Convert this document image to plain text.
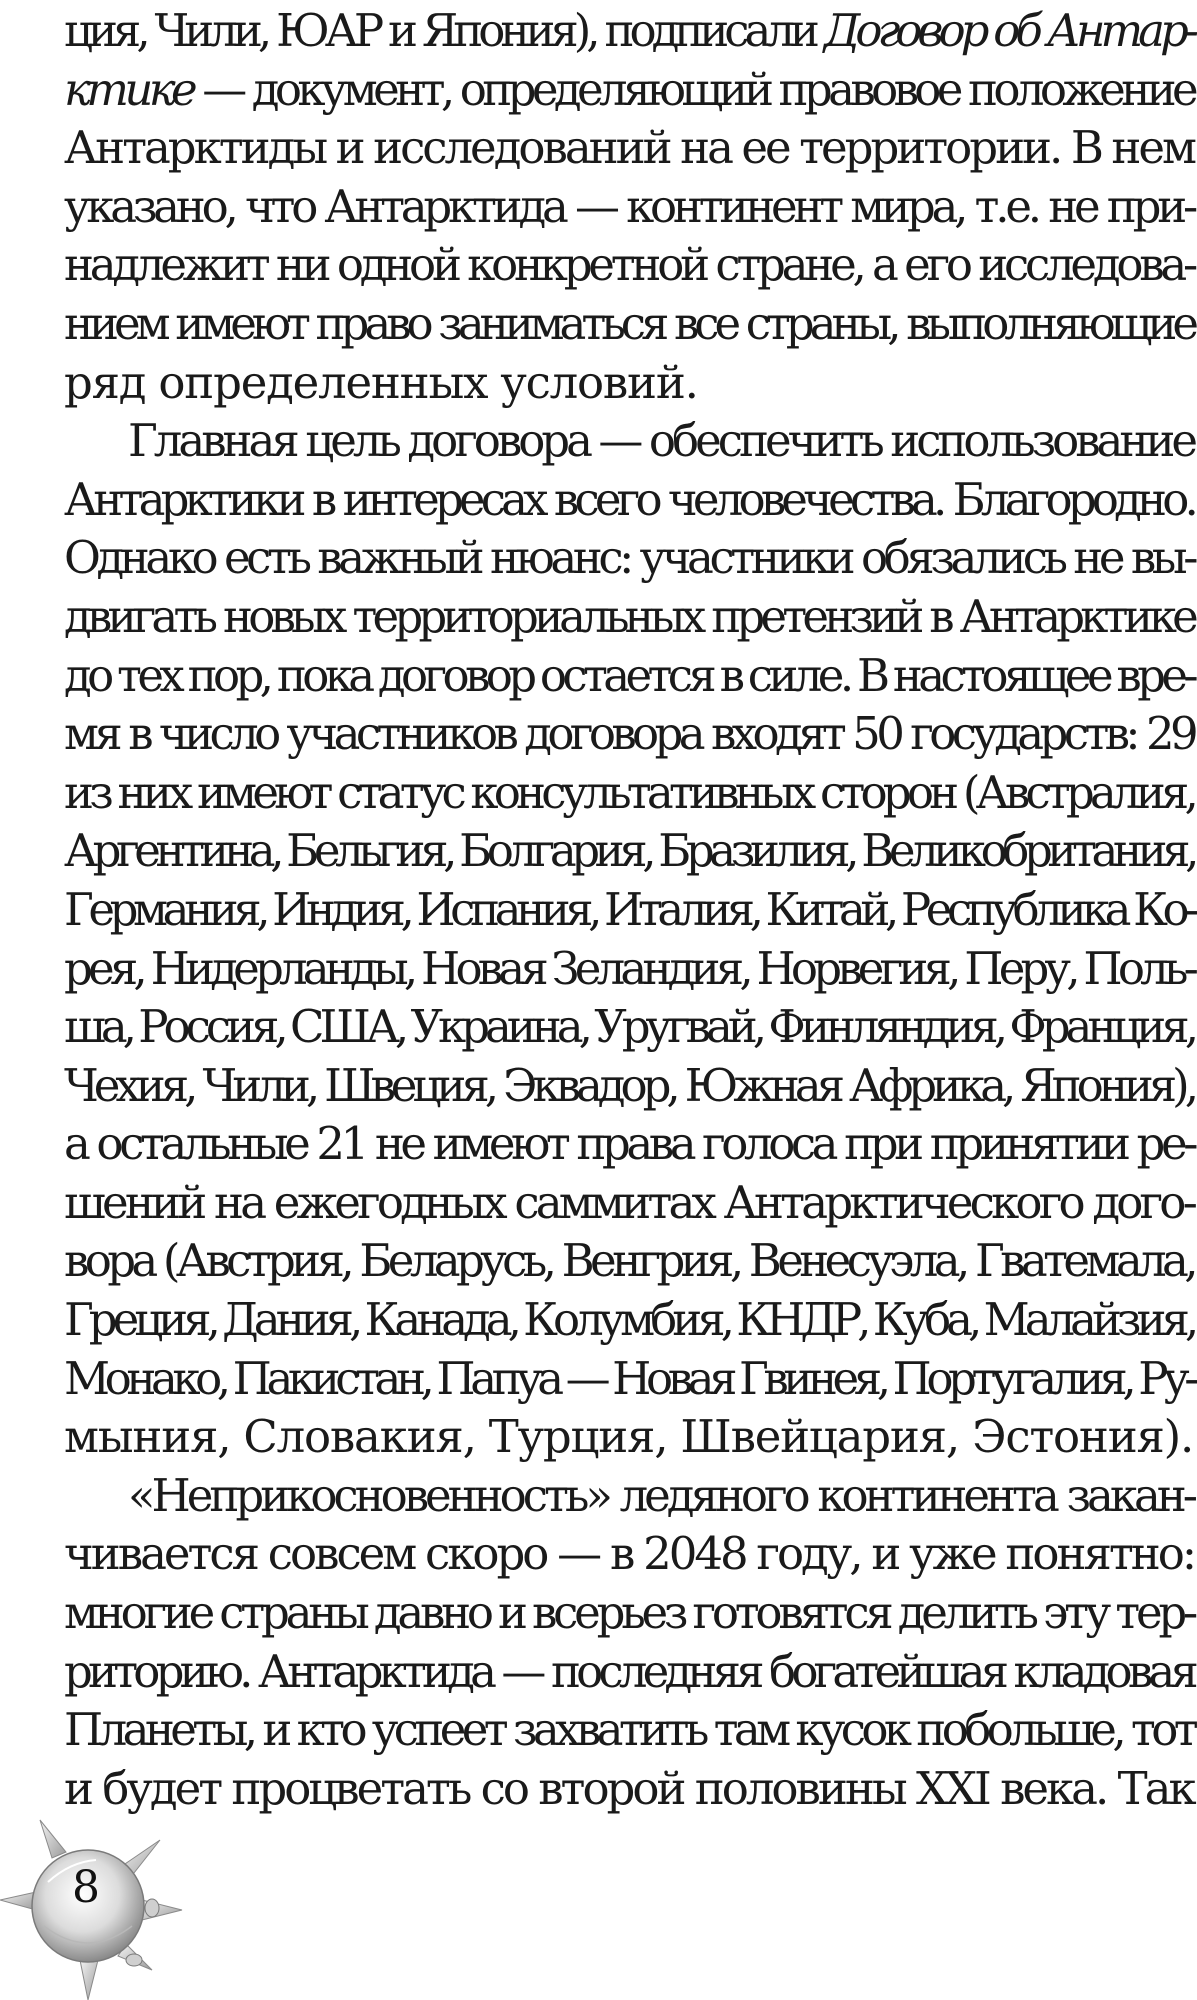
ция, Чили, ЮАР и Япония), подписали Договор об Антар-
ктике — документ, определяющий правовое положение
Антарктиды и исследований на ее территории. В нем
указано, что Антарктида — континент мира, т.е. не при-
надлежит ни одной конкретной стране, а его исследова-
нием имеют право заниматься все страны, выполняющие
ряд определенных условий.
Главная цель договора — обеспечить использование
Антарктики в интересах всего человечества. Благородно.
Однако есть важный нюанс: участники обязались не вы-
двигать новых территориальных претензий в Антарктике
до тех пор, пока договор остается в силе. В настоящее вре-
мя в число участников договора входят 50 государств: 29
из них имеют статус консультативных сторон (Австралия,
Аргентина, Бельгия, Болгария, Бразилия, Великобритания,
Германия, Индия, Испания, Италия, Китай, Республика Ко-
рея, Нидерланды, Новая Зеландия, Норвегия, Перу, Поль-
ша, Россия, США, Украина, Уругвай, Финляндия, Франция,
Чехия, Чили, Швеция, Эквадор, Южная Африка, Япония),
а остальные 21 не имеют права голоса при принятии ре-
шений на ежегодных саммитах Антарктического дого-
вора (Австрия, Беларусь, Венгрия, Венесуэла, Гватемала,
Греция, Дания, Канада, Колумбия, КНДР, Куба, Малайзия,
Монако, Пакистан, Папуа — Новая Гвинея, Португалия, Ру-
мыния, Словакия, Турция, Швейцария, Эстония).
«Неприкосновенность» ледяного континента закан-
чивается совсем скоро — в 2048 году, и уже понятно:
многие страны давно и всерьез готовятся делить эту тер-
риторию. Антарктида — последняя богатейшая кладовая
Планеты, и кто успеет захватить там кусок побольше, тот
и будет процветать со второй половины XXI века. Так
8
